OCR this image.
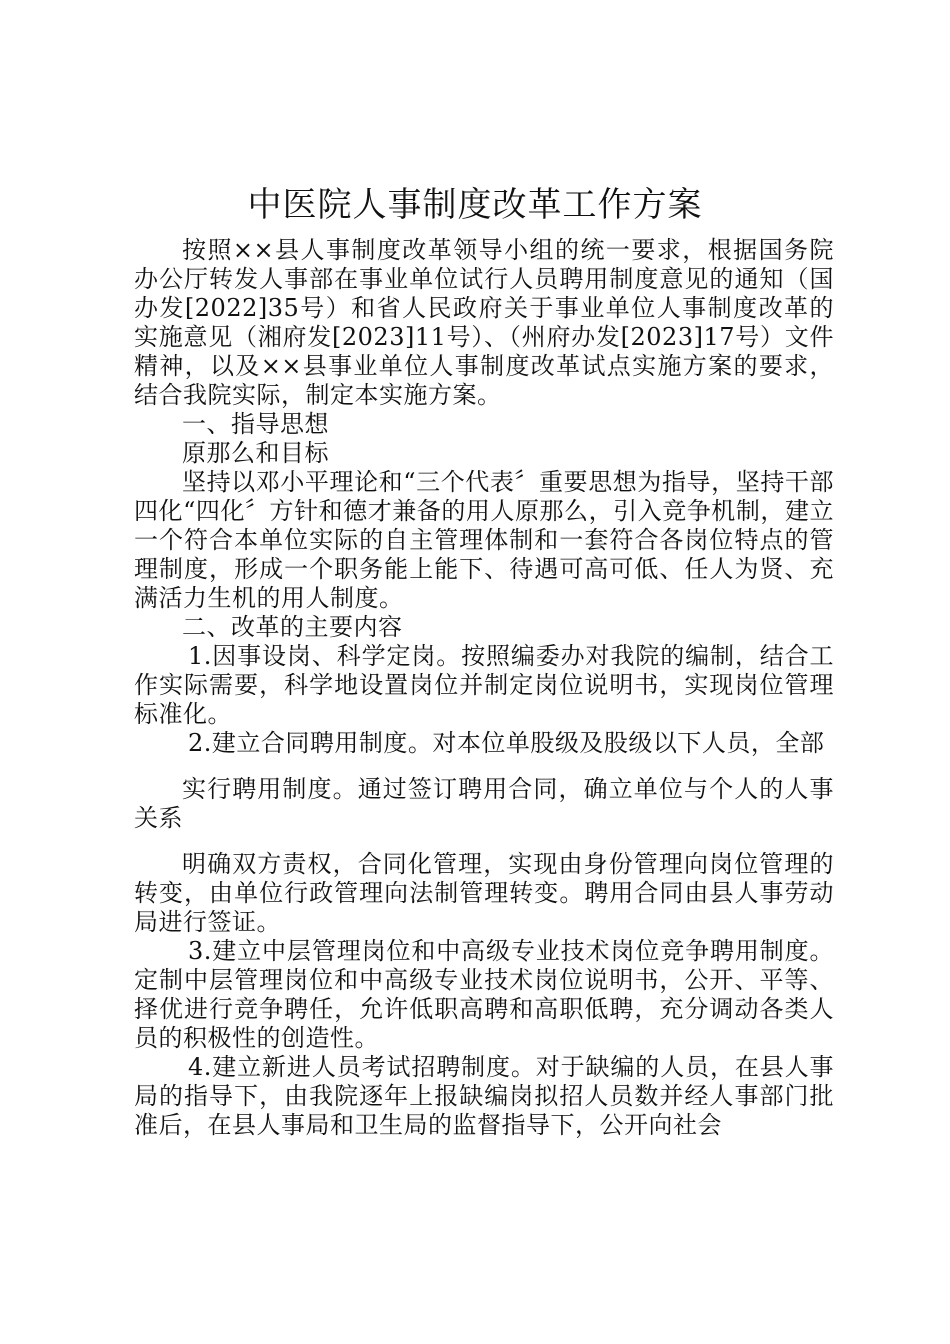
中医院人事制度改革工作方案

按照××县人事制度改革领导小组的统一要求，根据国务院办公厅转发人事部在事业单位试行人员聘用制度意见的通知（国办发[2022]35号）和省人民政府关于事业单位人事制度改革的实施意见（湘府发[2023]11号）、（州府办发[2023]17号）文件精神，以及××县事业单位人事制度改革试点实施方案的要求，结合我院实际，制定本实施方案。

一、指导思想

原那么和目标

坚持以邓小平理论和“三个代表〞重要思想为指导，坚持干部四化“四化〞方针和德才兼备的用人原那么，引入竞争机制，建立一个符合本单位实际的自主管理体制和一套符合各岗位特点的管理制度，形成一个职务能上能下、待遇可高可低、任人为贤、充满活力生机的用人制度。

二、改革的主要内容

1.因事设岗、科学定岗。按照编委办对我院的编制，结合工作实际需要，科学地设置岗位并制定岗位说明书，实现岗位管理标准化。

2.建立合同聘用制度。对本位单股级及股级以下人员，全部

实行聘用制度。通过签订聘用合同，确立单位与个人的人事关系

明确双方责权，合同化管理，实现由身份管理向岗位管理的转变，由单位行政管理向法制管理转变。聘用合同由县人事劳动局进行签证。

3.建立中层管理岗位和中高级专业技术岗位竞争聘用制度。定制中层管理岗位和中高级专业技术岗位说明书，公开、平等、择优进行竞争聘任，允许低职高聘和高职低聘，充分调动各类人员的积极性的创造性。

4.建立新进人员考试招聘制度。对于缺编的人员，在县人事局的指导下，由我院逐年上报缺编岗拟招人员数并经人事部门批准后，在县人事局和卫生局的监督指导下，公开向社会
